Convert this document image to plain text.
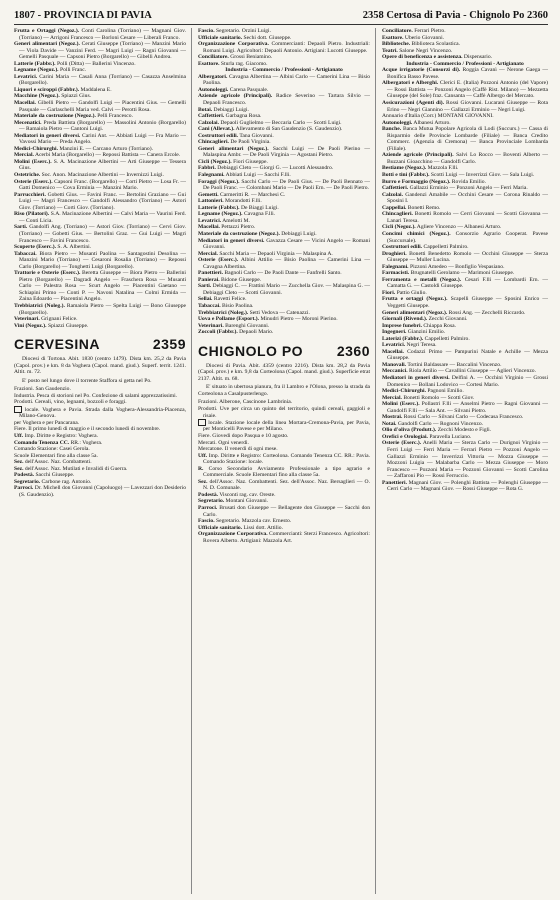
1807 - PROVINCIA DI PAVIA	2358 Certosa di Pavia - Chignolo Po 2360

Frutta e Ortaggi (Negoz.). Conti Carolina (Torriano) — Magnani Giov. (Torriano) — Arrigoni Francesco — Borloni Cesare — Liberali Franco.

Generi alimentari (Negoz.). Cerati Giuseppe (Torriano) — Manzini Mario — Viola Davide — Vanzini Ferd. — Magri Luigi — Ragni Giovanni — Gemelli Pasquale — Capsoni Pietro (Borgarello) — Gibelli Andrea.

Latterie (Fabbr.). Polli (Ditta) — Ballerini Vincenzo.

Legname (Negoz.). Polli Franc.

Levatrici. Carini Maria — Casali Anna (Torriano) — Casazza Anselmina (Borgarello).

Liquori e sciroppi (Fabbr.). Maddalena E.

Macchine (Negoz.). Spiazzi Gius.

Macellai. Gibelli Pietro — Gandolfi Luigi — Piacentini Gius. — Gemelli Pasquale — Garlaschelli Maria ved. Calvi — Perotti Rosa.

Materiale da costruzione (Negoz.). Pelli Francesco.

Mecenatici. Preda Battista (Borgarello) — Massolini Antonio (Borgarello) — Ramaiola Pietro — Cantoni Luigi.

Mediatori in generi diversi. Carini Ant. — Abbiati Luigi — Fra Mario — Vavossi Mario — Preda Angelo.

Medici-Chirurghi. Manzini E. — Carcano Arturo (Torriano).

Mercial. Acerbi Maria (Borgarello) — Repossi Battista — Canera Ercole.

Molini (Eserc.). S. A. Macinazione Albertini — Arti Giuseppe — Tessera Gius.

Ostetriche. Soc. Anon. Macinazione Albertini — Invernizzi Luigi.

Osterie (Eserc.). Capsoni Franc. (Borgarello) — Corti Pietro — Losa Fr. — Gatti Domenico — Cova Erminia — Manzini Mario.

Parrucchieri. Gobetti Gius. — Favini Franc. — Bertolini Graziano — Gui Luigi — Magri Francesco — Gandolfi Alessandro (Torriano) — Astori Giov. (Torriano) — Corti Giov. (Torriano).

Riso (Pilatori). S.A. Macinazione Albertini — Calvi Maria — Vaurini Ferd. — Conti Licia.

Sarti. Gandolfi Ang. (Torriano) — Astori Giov. (Torriano) — Cervi Giov. (Torriano) — Gobetti Gius. — Bertolini Graz. — Gui Luigi — Magri Francesco — Favini Francesco.

Scoperte (Eserc.). S. A. Albertini.

Tabaccai. Biora Pietro — Musanti Paolina — Santagostini Desolina — Manzini Mario (Torriano) — Cesaroni Rosalia (Torriano) — Repossi Carlo (Borgarello) — Tonghetti Luigi (Borgarello).

Trattorie e Osterie (Eserc.). Beretta Giuseppe — Biora Pietro — Ballerini Pietro (Borgarello) — Dagradi Angelo — Fraschera Rosa — Musanti Carlo — Palestra Rosa — Scurt Angelo — Piacentini Gaetano — Schiapini Primo — Conti P. — Navoni Natalina — Colmi Ermida — Zaina Edoardo — Piacentini Angelo.

Trebbiatrici (Noleg.). Ramaiola Pietro — Spelta Luigi — Bono Giuseppe (Borgarello).

Veterinari. Grignani Felice.

Vini (Negoz.). Spiazzi Giuseppe.

CERVESINA	2359

Diocesi di Tortona. Abit. 1830 (centro 1479). Dista km. 25,2 da Pavia (Capol. prov.) e km. 8 da Voghera (Capol. mand. giud.). Superf. territ. 1241. Altit. m. 72.

E' posto nel lungo dove il torrente Staffora si getta nel Po.

Frazioni. San Gaudenzio.

Industria. Pesca di storioni nel Po. Confezione di salami apprezzatissimi.

Prodotti. Cereali, vino, legnami, bozzoli e foraggi.

locale. Voghera e Pavia. Strada dalla Voghera-Alessandria-Piacenza, Milano-Genova.

per Voghera e per Pancarana.

Fiere. Il primo lunedì di maggio e il secondo lunedì di novembre.

Uff. Imp. Diritte e Registro: Voghera.

Comando Tenenza CC. RR.: Voghera.

Comando Stazione: Casei Gerola.

Scuole Elementari fino alla classe 5a.

Sez. dell'Assoc. Naz. Combattenti.

Sez. dell'Assoc. Naz. Mutilati e Invalidi di Guerra.

Podestà. Sacchi Giuseppe.

Segretario. Carbone rag. Antonio.

Parroci. Dr. Michell don Giovanni (Capoluogo) — Lavezzari don Desiderio (S. Gaudenzio).

Fascio. Segretario. Orzini Luigi.

Ufficiale sanitario. Sechi dott. Giuseppe.

Organizzazione Corporativa. Commercianti: Depaoli Pietro. Industriali: Romani Luigi. Agricoltori: Depaoli Antonio. Artigiani: Lucotti Giuseppe.

Conciliatore. Grossi Beniamino.

Esattore. Sturla rag. Giacomo.

Industria - Commercio / Professioni - Artigianato

Albergatori. Cavagna Albertina — Albini Carlo — Camerini Lina — Bisio Paolina.

Autonoleggi. Carena Pasquale.

Aziende agricole (Principali). Radice Severino — Tartara Silvio — Depaoli Francesco.

Botai. Debiaggi Luigi.

Caffettieri. Garbagna Rosa.

Calzolai. Depaoli Guglielmo — Beccaria Carlo — Scotti Luigi.

Cani (Allevat.). Allevamento di San Gaudenzio (S. Gaudenzio).

Costruttori edili. Tana Giovanni.

Chincaglieri. De Paoli Virginia.

Generi alimentari (Negoz.). Sacchi Luigi — De Paoli Pierino — Malaspina Ambr. — De Paoli Virginia — Agostani Pietro.

Cicli (Negoz.). Fiori Giuseppe.

Fabbri. Debiaggi Cleto — Giorgi G. — Lucotti Alessandro.

Falegnami. Abbiati Luigi — Sacchi F.lli.

Foraggi (Negoz.). Sacchi Carlo — De Paoli Gius. — De Paoli Bennato — De Paoli Franc. — Colombani Mario — De Paoli Ern. — De Paoli Pietro.

Gemetti. Carmeritti R. — Marchesi C.

Lattonieri. Morandotti F.lli.

Latterie (Fabbr.). De Biaggi Luigi.

Legname (Negoz.). Cavagna F.lli.

Levatrici. Amelotti M.

Macellai. Pettazzi Pietro.

Materiale da costruzione (Negoz.). Debiaggi Luigi.

Mediatori in generi diversi. Gavazza Cesare — Vicini Angelo — Romani Giovanni.

Mercial. Sacchi Maria — Depaoli Virginia — Malaspina A.

Osterie (Eserc.). Albini Attilio — Bisio Paolina — Camerini Lina — Cavagna Albertina.

Panettieri. Bagnoli Carlo — De Paoli Dante — Fanfrelli Santo.

Panierai. Bidone Giuseppe.

Sarti. Debiaggi C. — Frattini Mario — Zucchella Giov. — Malaspina G. — Debiaggi Cleto — Scotti Giovanni.

Sellai. Ravetti Felice.

Tabaccai. Bisio Paolina.

Trebbiatrici (Noleg.). Setti Vedova — Catenazzi.

Uova e Pollame (Esport.). Minudri Pietro — Moroni Pierino.

Veterinari. Barenghi Giovanni.

Zoccoli (Fabbr.). Depaoli Mario.

CHIGNOLO PO 2360

Diocesi di Pavia. Abit. 4359 (centro 2216). Dista km. 28,2 da Pavia (Capol. prov.) e km. 9,8 da Corteolona (Capol. mand. giud.). Superficie etrat 2137. Altit. m. 68.

E' situato in ubertosa pianura, fra il Lambro e l'Olona, presso la strada da Corteolona a Casalpusterlengo.

Frazioni. Alberone, Cascinone Lambrinia.

Prodotti. Uve per circa un quinto del territorio, quindi cereali, gaggioli e risaie.

locale. Stazione locale della linea Mortara-Cremona-Pavia, per Pavia, per Monticelli Pavese e per Milano.

Fiere. Giovedì dopo Pasqua e 10 agosto.

Mercati. Ogni venerdì.

Mercatone. Il venerdì di ogni mese.

Uff. Imp. Diritte e Registro: Corteolona. Comando Tenenza CC. RR.: Pavia. Comando Stazione: locale.

R. Corso Secondario Avviamento Professionale a tipo agrario e Commerciale. Scuole Elementari fino alla classe 5a.

Sez. dell'Assoc. Naz. Combattenti. Sez. dell'Assoc. Naz. Bersaglieri — O. N. D. Comunale.

Podestà. Visconti rag. cav. Oreste.

Segretario. Montani Giovanni.

Parroci. Brusati don Giuseppe — Bellagente don Giuseppe — Sacchi don Carlo.

Fascio. Segretario. Mazzola cav. Ernesto.

Ufficiale sanitario. Lissi dott. Attilio.

Organizzazione Corporativa. Commercianti: Sterzi Francesco. Agricoltori: Rovera Alberto. Artigiani: Mazzola Art.

Conciliatore. Ferrari Pietro.

Esattore. Uberio Giovanni.

Biblioteche. Biblioteca Scolastica.

Teatri. Salone Negri Vincenzo.

Opere di beneficenza e assistenza. Dispensario.

Industria - Commercio / Professioni - Artigianato

Acque irrigatorie (Consorzi di). Roggia Cavanì — Nerone Gaega — Bonifica Basso Pavese.

Albergatori e Alberghi. Clerici E. (Italia) Pozzoni Antonio (del Vapore) — Rossi Battista — Ponzoni Angelo (Caffè Rist. Milano) — Mezzetta Giuseppe (del Sole) fraz. Cansanta — Caffè Albergo del Mercato.

Assicurazioni (Agenti di). Rossi Giovanni. Lucarani Giuseppe — Rota Erino — Negri Giannino — Gallazzi Erminio — Negri Luigi.

Annuario d'Italia (Corr.) MONTANI GIOVANNI.

Autonoleggi. Albanesi Arturo.

Banche. Banca Mutua Popolare Agricola di Lodi (Succurs.) — Cassa di Risparmio delle Provincie Lombarde (Filiale) — Banca Credito Commerc. (Agenzia di Cremona) — Banca Provinciale Lombarda (Filiale).

Aziende agricole (Principali). Salvi Lo Rocco — Boventi Alberto — Buzzani Gioacchino — Gandolfi Carlo.

Bestiame (Negoz.). Mazzola F.lli.

Botti e tini (Fabbr.). Scotti Luigi — Inverrizzi Giov. — Sala Luigi.

Burro e Formaggio (Negoz.). Rovida Emilio.

Caffettieri. Gallazzi Erminio — Ponzoni Angelo — Ferri Maria.

Calzolai. Gandenzi Amabile — Occhini Cesare — Corona Rinaldo — Sposini I.

Cappellai. Bonetti Remo.

Chincaglieri. Bonetti Romolo — Cerri Giovanni — Scotti Giovanna — Lanari Teresa.

Cicli (Negoz.). Agliere Vincenzo — Albanesi Arturo.

Concimi chimici (Negoz.). Consorzio Agrario Cooperat. Pavese (Succursale).

Costruttori edili. Cappelletti Palmiro.

Droghieri. Bonetti Benedetto Romolo — Occhini Giuseppe — Sterza Giuseppe — Muller Lucina.

Falegnami. Pizzoni Amedeo — Bonfiglio Vespasiano.

Farmacisti. Brugnatelli Gerolamo — Marimoni Giuseppe.

Ferramenta e metalli (Negoz.). Cesari F.lli — Lombardi Ern. — Camatta G. — Castoldi Giuseppe.

Fiori. Pattio Giulio.

Frutta e ortaggi (Negoz.). Scapelli Giuseppe — Sposini Enrico — Veggetti Giuseppe.

Generi alimentari (Negoz.). Rossi Ang. — Zecchelli Riccardo.

Giornali (Rivend.). Zecchi Giovanni.

Imprese funebri. Chiappa Rosa.

Ingegneri. Gianzini Emilio.

Laterizi (Fabbr.). Cappelletti Palmiro.

Levatrici. Negri Teresa.

Macellai. Codazzi Primo — Pampurini Natale e Achille — Mezza Giuseppe.

Manovali. Tortini Baldassare — Baccalini Vincenzo.

Meccanici. Riola Attilio — Cavallini Giuseppe — Aglieri Vincenzo.

Mediatori in generi diversi. Delfini A. — Occhini Virginio — Grossi Domenico — Bollani Lodovico — Cortesi Mario.

Medici-Chirurghi. Pagnoni Emilio.

Mercial. Bonetti Romolo — Scotti Giov.

Molini (Eserc.). Pollastri F.lli — Anselmi Pietro — Ragni Giovanni — Gandolfi F.lli — Sala Ant. — Silvani Pietro.

Mostrai. Rossi Carlo — Silvani Carlo — Codecasa Francesco.

Notai. Gandolfi Carlo — Rognoni Vincenzo.

Olio d'oliva (Produtt.). Zecchi Modesto e Figli.

Orefici e Orologiai. Paravella Luciano.

Osterie (Eserc.). Anelli Maria — Sterza Carlo — Durignoi Virginio — Ferri Luigi — Ferri Maria — Ferrari Pietro — Pozzoni Angelo — Gallazzi Erminio — Inverrizzi Vittoria — Mozza Giuseppe — Mozzoni Luigia — Malabarba Carlo — Mezza Giuseppe — Moro Francesco — Pozzoni Maria — Pozzoni Giovanni — Scotti Carolina — Zaffaroni Pio — Rossi Ferruccio.

Panettieri. Magnani Giov. — Polenghi Battista — Polenghi Giuseppe — Cerri Carlo — Magnani Giov. — Rossi Giuseppe — Rota G.
